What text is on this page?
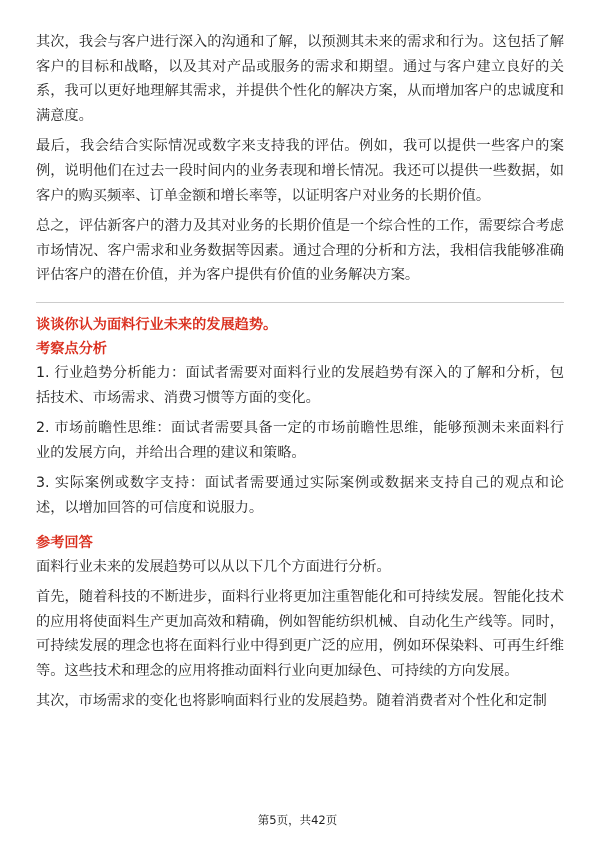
其次，我会与客户进行深入的沟通和了解，以预测其未来的需求和行为。这包括了解客户的目标和战略，以及其对产品或服务的需求和期望。通过与客户建立良好的关系，我可以更好地理解其需求，并提供个性化的解决方案，从而增加客户的忠诚度和满意度。

最后，我会结合实际情况或数字来支持我的评估。例如，我可以提供一些客户的案例，说明他们在过去一段时间内的业务表现和增长情况。我还可以提供一些数据，如客户的购买频率、订单金额和增长率等，以证明客户对业务的长期价值。

总之，评估新客户的潜力及其对业务的长期价值是一个综合性的工作，需要综合考虑市场情况、客户需求和业务数据等因素。通过合理的分析和方法，我相信我能够准确评估客户的潜在价值，并为客户提供有价值的业务解决方案。

谈谈你认为面料行业未来的发展趋势。

考察点分析

1. 行业趋势分析能力：面试者需要对面料行业的发展趋势有深入的了解和分析，包括技术、市场需求、消费习惯等方面的变化。

2. 市场前瞻性思维：面试者需要具备一定的市场前瞻性思维，能够预测未来面料行业的发展方向，并给出合理的建议和策略。

3. 实际案例或数字支持：面试者需要通过实际案例或数据来支持自己的观点和论述，以增加回答的可信度和说服力。

参考回答

面料行业未来的发展趋势可以从以下几个方面进行分析。

首先，随着科技的不断进步，面料行业将更加注重智能化和可持续发展。智能化技术的应用将使面料生产更加高效和精确，例如智能纺织机械、自动化生产线等。同时，可持续发展的理念也将在面料行业中得到更广泛的应用，例如环保染料、可再生纤维等。这些技术和理念的应用将推动面料行业向更加绿色、可持续的方向发展。

其次，市场需求的变化也将影响面料行业的发展趋势。随着消费者对个性化和定制

第5页，共42页
